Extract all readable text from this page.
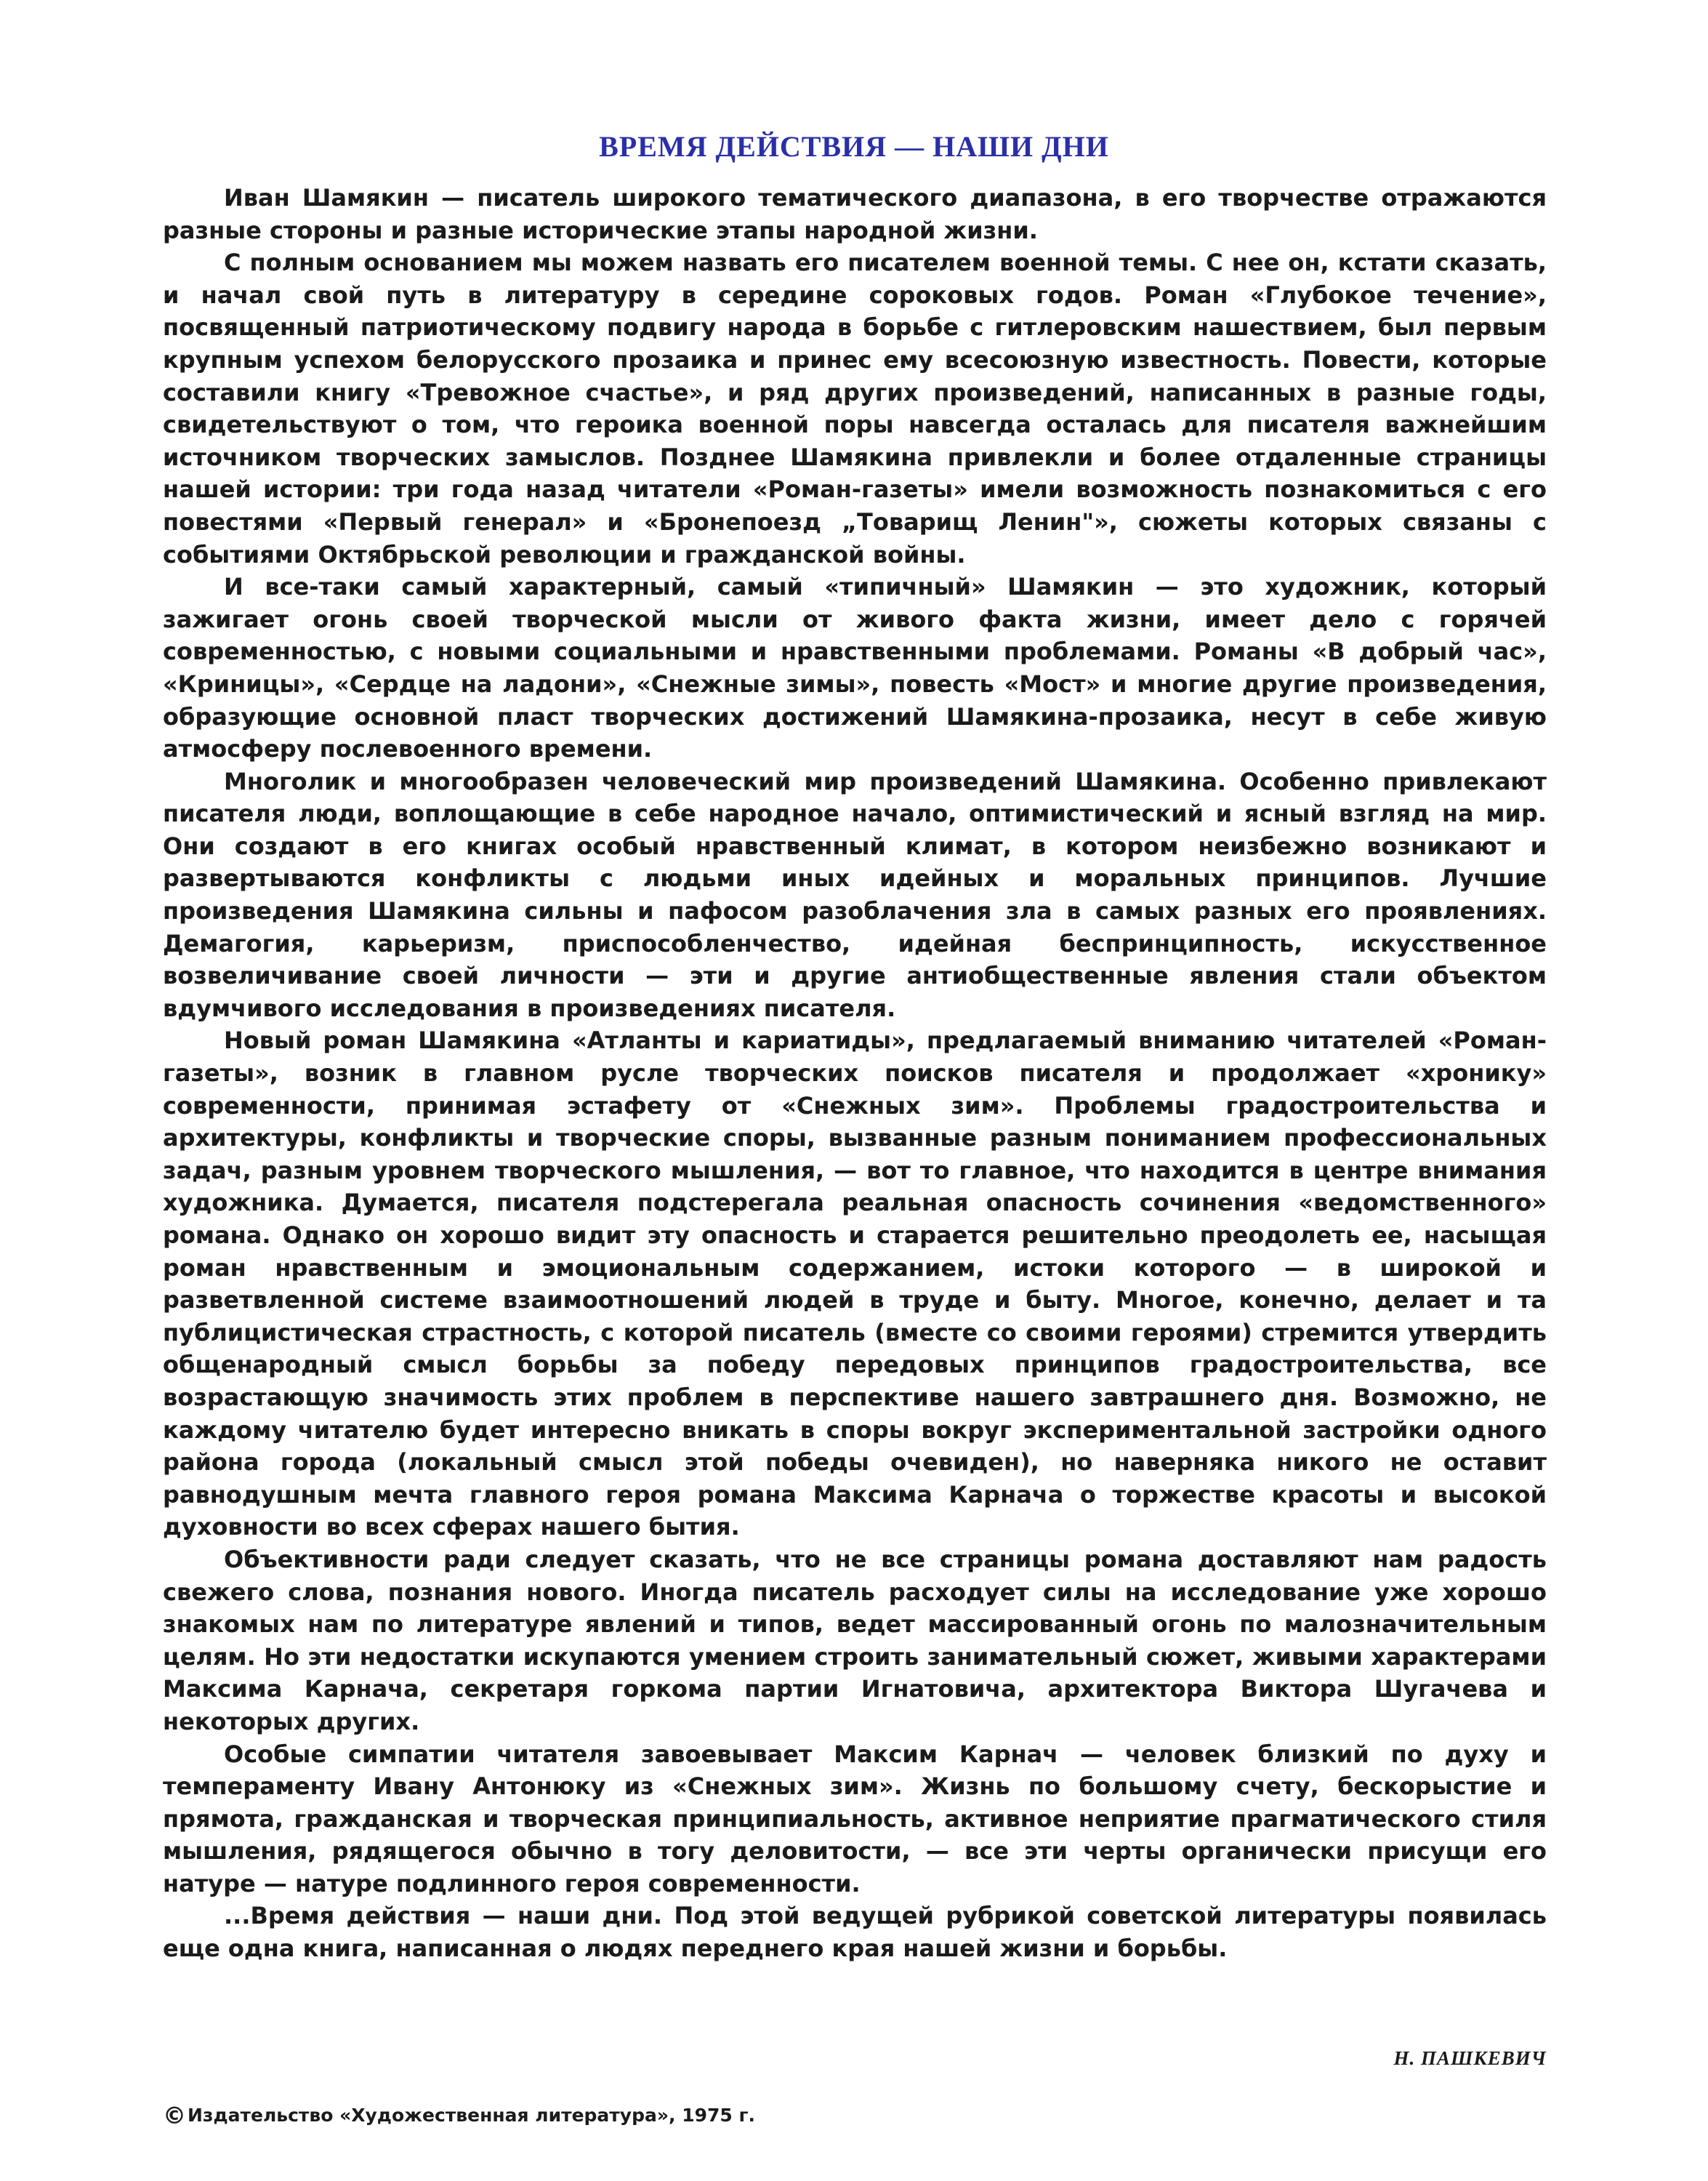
ВРЕМЯ ДЕЙСТВИЯ — НАШИ ДНИ

Иван Шамякин — писатель широкого тематического диапазона, в его творчестве отражаются разные стороны и разные исторические этапы народной жизни.

С полным основанием мы можем назвать его писателем военной темы. С нее он, кстати сказать, и начал свой путь в литературу в середине сороковых годов. Роман «Глубокое течение», посвященный патриотическому подвигу народа в борьбе с гитлеровским нашествием, был первым крупным успехом белорусского прозаика и принес ему всесоюзную известность. Повести, которые составили книгу «Тревожное счастье», и ряд других произведений, написанных в разные годы, свидетельствуют о том, что героика военной поры навсегда осталась для писателя важнейшим источником творческих замыслов. Позднее Шамякина привлекли и более отдаленные страницы нашей истории: три года назад читатели «Роман-газеты» имели возможность познакомиться с его повестями «Первый генерал» и «Бронепоезд „Товарищ Ленин"», сюжеты которых связаны с событиями Октябрьской революции и гражданской войны.

И все-таки самый характерный, самый «типичный» Шамякин — это художник, который зажигает огонь своей творческой мысли от живого факта жизни, имеет дело с горячей современностью, с новыми социальными и нравственными проблемами. Романы «В добрый час», «Криницы», «Сердце на ладони», «Снежные зимы», повесть «Мост» и многие другие произведения, образующие основной пласт творческих достижений Шамякина-прозаика, несут в себе живую атмосферу послевоенного времени.

Многолик и многообразен человеческий мир произведений Шамякина. Особенно привлекают писателя люди, воплощающие в себе народное начало, оптимистический и ясный взгляд на мир. Они создают в его книгах особый нравственный климат, в котором неизбежно возникают и развертываются конфликты с людьми иных идейных и моральных принципов. Лучшие произведения Шамякина сильны и пафосом разоблачения зла в самых разных его проявлениях. Демагогия, карьеризм, приспособленчество, идейная беспринципность, искусственное возвеличивание своей личности — эти и другие антиобщественные явления стали объектом вдумчивого исследования в произведениях писателя.

Новый роман Шамякина «Атланты и кариатиды», предлагаемый вниманию читателей «Роман-газеты», возник в главном русле творческих поисков писателя и продолжает «хронику» современности, принимая эстафету от «Снежных зим». Проблемы градостроительства и архитектуры, конфликты и творческие споры, вызванные разным пониманием профессиональных задач, разным уровнем творческого мышления, — вот то главное, что находится в центре внимания художника. Думается, писателя подстерегала реальная опасность сочинения «ведомственного» романа. Однако он хорошо видит эту опасность и старается решительно преодолеть ее, насыщая роман нравственным и эмоциональным содержанием, истоки которого — в широкой и разветвленной системе взаимоотношений людей в труде и быту. Многое, конечно, делает и та публицистическая страстность, с которой писатель (вместе со своими героями) стремится утвердить общенародный смысл борьбы за победу передовых принципов градостроительства, все возрастающую значимость этих проблем в перспективе нашего завтрашнего дня. Возможно, не каждому читателю будет интересно вникать в споры вокруг экспериментальной застройки одного района города (локальный смысл этой победы очевиден), но наверняка никого не оставит равнодушным мечта главного героя романа Максима Карнача о торжестве красоты и высокой духовности во всех сферах нашего бытия.

Объективности ради следует сказать, что не все страницы романа доставляют нам радость свежего слова, познания нового. Иногда писатель расходует силы на исследование уже хорошо знакомых нам по литературе явлений и типов, ведет массированный огонь по малозначительным целям. Но эти недостатки искупаются умением строить занимательный сюжет, живыми характерами Максима Карнача, секретаря горкома партии Игнатовича, архитектора Виктора Шугачева и некоторых других.

Особые симпатии читателя завоевывает Максим Карнач — человек близкий по духу и темпераменту Ивану Антонюку из «Снежных зим». Жизнь по большому счету, бескорыстие и прямота, гражданская и творческая принципиальность, активное неприятие прагматического стиля мышления, рядящегося обычно в тогу деловитости, — все эти черты органически присущи его натуре — натуре подлинного героя современности.

...Время действия — наши дни. Под этой ведущей рубрикой советской литературы появилась еще одна книга, написанная о людях переднего края нашей жизни и борьбы.

Н. ПАШКЕВИЧ
©Издательство «Художественная литература», 1975 г.
